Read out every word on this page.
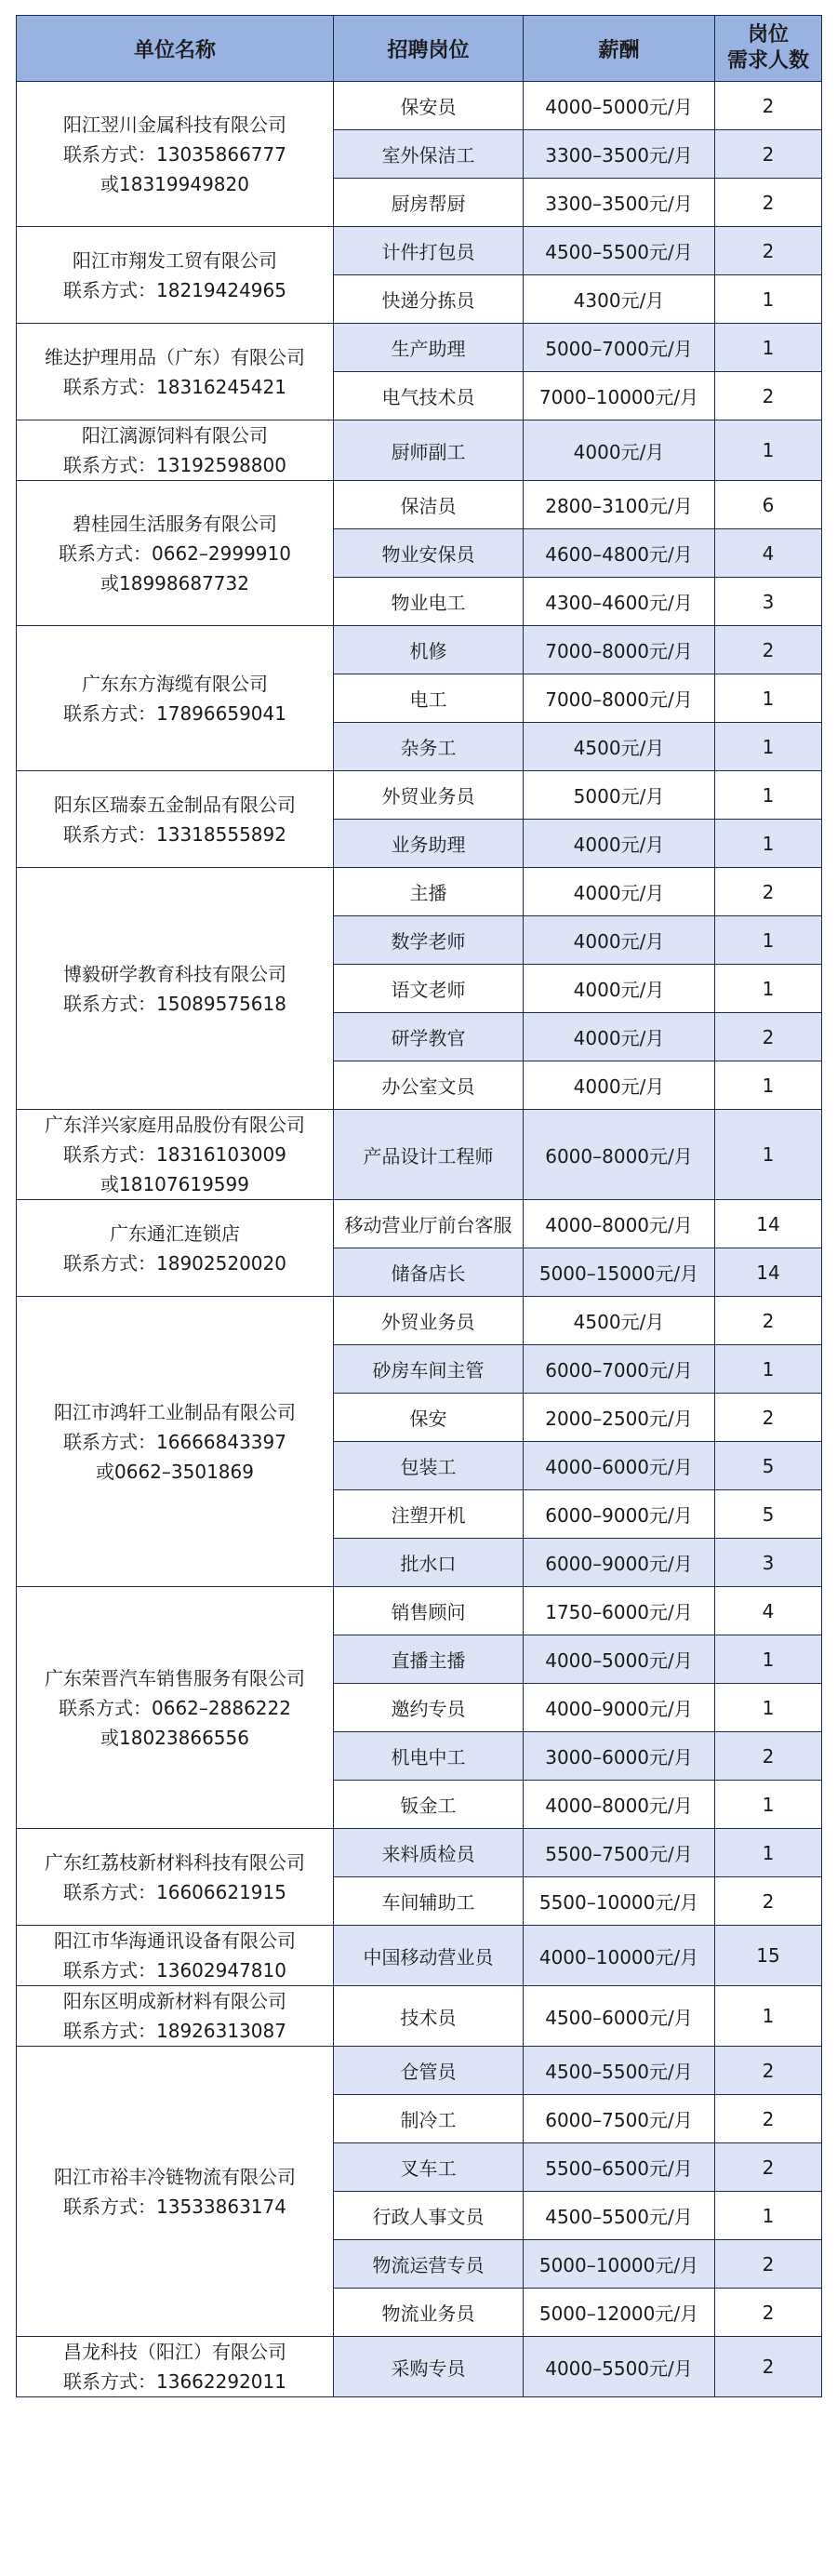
单位名称	招聘岗位	薪酬	岗位
需求人数

阳江翌川金属科技有限公司
联系方式：13035866777
或18319949820	保安员	4000–5000元/月	2
	室外保洁工	3300–3500元/月	2
	厨房帮厨	3300–3500元/月	2

阳江市翔发工贸有限公司
联系方式：18219424965	计件打包员	4500–5500元/月	2
	快递分拣员	4300元/月	1

维达护理用品（广东）有限公司
联系方式：18316245421	生产助理	5000–7000元/月	1
	电气技术员	7000–10000元/月	2

阳江漓源饲料有限公司
联系方式：13192598800	厨师副工	4000元/月	1

碧桂园生活服务有限公司
联系方式：0662–2999910
或18998687732	保洁员	2800–3100元/月	6
	物业安保员	4600–4800元/月	4
	物业电工	4300–4600元/月	3

广东东方海缆有限公司
联系方式：17896659041	机修	7000–8000元/月	2
	电工	7000–8000元/月	1
	杂务工	4500元/月	1

阳东区瑞泰五金制品有限公司
联系方式：13318555892	外贸业务员	5000元/月	1
	业务助理	4000元/月	1

博毅研学教育科技有限公司
联系方式：15089575618	主播	4000元/月	2
	数学老师	4000元/月	1
	语文老师	4000元/月	1
	研学教官	4000元/月	2
	办公室文员	4000元/月	1

广东洋兴家庭用品股份有限公司
联系方式：18316103009
或18107619599	产品设计工程师	6000–8000元/月	1

广东通汇连锁店
联系方式：18902520020	移动营业厅前台客服	4000–8000元/月	14
	储备店长	5000–15000元/月	14

阳江市鸿轩工业制品有限公司
联系方式：16666843397
或0662–3501869	外贸业务员	4500元/月	2
	砂房车间主管	6000–7000元/月	1
	保安	2000–2500元/月	2
	包装工	4000–6000元/月	5
	注塑开机	6000–9000元/月	5
	批水口	6000–9000元/月	3

广东荣晋汽车销售服务有限公司
联系方式：0662–2886222
或18023866556	销售顾问	1750–6000元/月	4
	直播主播	4000–5000元/月	1
	邀约专员	4000–9000元/月	1
	机电中工	3000–6000元/月	2
	钣金工	4000–8000元/月	1

广东红荔枝新材料科技有限公司
联系方式：16606621915	来料质检员	5500–7500元/月	1
	车间辅助工	5500–10000元/月	2

阳江市华海通讯设备有限公司
联系方式：13602947810	中国移动营业员	4000–10000元/月	15

阳东区明成新材料有限公司
联系方式：18926313087	技术员	4500–6000元/月	1

阳江市裕丰冷链物流有限公司
联系方式：13533863174	仓管员	4500–5500元/月	2
	制冷工	6000–7500元/月	2
	叉车工	5500–6500元/月	2
	行政人事文员	4500–5500元/月	1
	物流运营专员	5000–10000元/月	2
	物流业务员	5000–12000元/月	2

昌龙科技（阳江）有限公司
联系方式：13662292011	采购专员	4000–5500元/月	2
